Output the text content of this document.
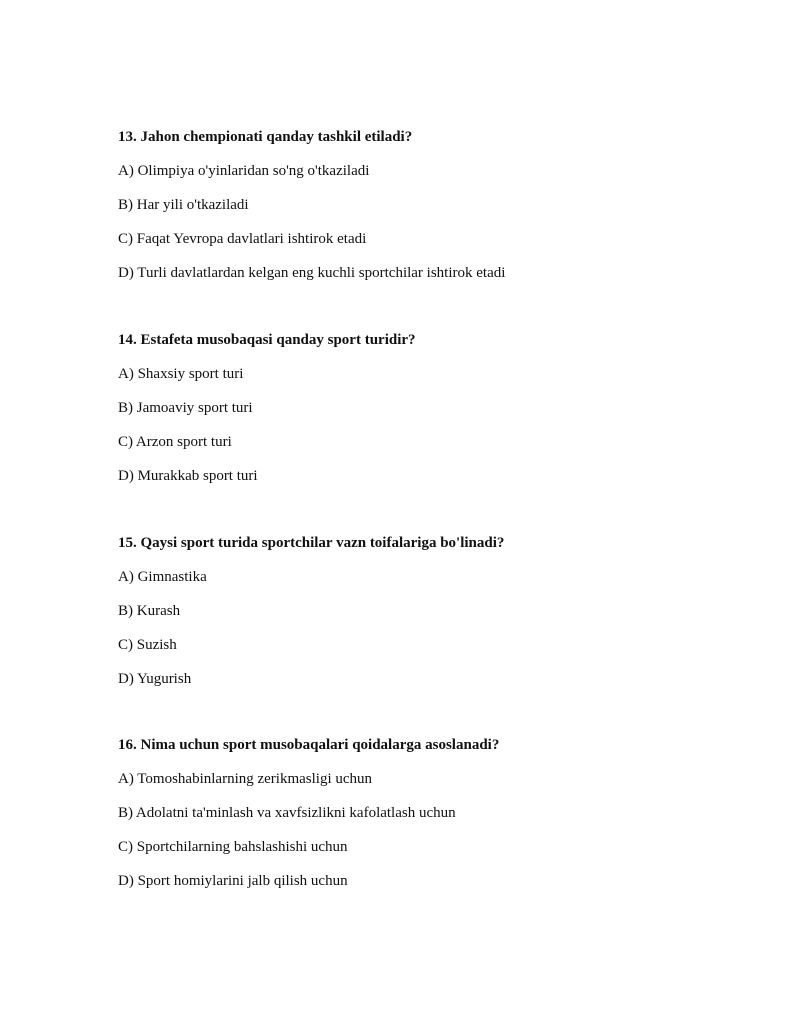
13. Jahon chempionati qanday tashkil etiladi?
A) Olimpiya o'yinlaridan so'ng o'tkaziladi
B) Har yili o'tkaziladi
C) Faqat Yevropa davlatlari ishtirok etadi
D) Turli davlatlardan kelgan eng kuchli sportchilar ishtirok etadi
14. Estafeta musobaqasi qanday sport turidir?
A) Shaxsiy sport turi
B) Jamoaviy sport turi
C) Arzon sport turi
D) Murakkab sport turi
15. Qaysi sport turida sportchilar vazn toifalariga bo'linadi?
A) Gimnastika
B) Kurash
C) Suzish
D) Yugurish
16. Nima uchun sport musobaqalari qoidalarga asoslanadi?
A) Tomoshabinlarning zerikmasligi uchun
B) Adolatni ta'minlash va xavfsizlikni kafolatlash uchun
C) Sportchilarning bahslashishi uchun
D) Sport homiylarini jalb qilish uchun
